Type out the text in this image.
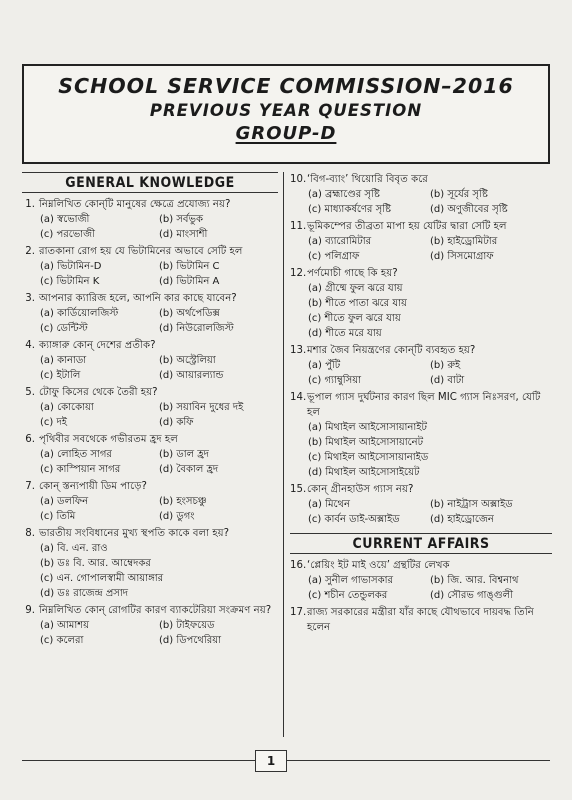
SCHOOL SERVICE COMMISSION–2016
PREVIOUS YEAR QUESTION
GROUP-D
GENERAL KNOWLEDGE
1. নিম্নলিখিত কোন্‌টি মানুষের ক্ষেত্রে প্রযোজ্য নয়?
(a) স্বভোজী	(b) সর্বভুক
(c) পরভোজী	(d) মাংসাশী
2. রাতকানা রোগ হয় যে ভিটামিনের অভাবে সেটি হল
(a) ভিটামিন-D	(b) ভিটামিন C
(c) ভিটামিন K	(d) ভিটামিন A
3. আপনার ক্যারিজ হলে, আপনি কার কাছে যাবেন?
(a) কার্ডিয়োলজিস্ট	(b) অর্থপেডিক্স
(c) ডেন্টিস্ট	(d) নিউরোলজিস্ট
4. ক্যাঙ্গারু কোন্‌ দেশের প্রতীক?
(a) কানাডা	(b) অস্ট্রেলিয়া
(c) ইটালি	(d) আয়ারল্যান্ড
5. টোফু কিসের থেকে তৈরী হয়?
(a) কোকোয়া	(b) সয়াবিন দুধের দই
(c) দই	(d) কফি
6. পৃথিবীর সবথেকে গভীরতম হ্রদ হল
(a) লোহিত সাগর	(b) ডাল হ্রদ
(c) কাস্পিয়ান সাগর	(d) বৈকাল হ্রদ
7. কোন্‌ স্তন্যপায়ী ডিম পাড়ে?
(a) ডলফিন	(b) হংসচঞ্চু
(c) তিমি	(d) ডুগং
8. ভারতীয় সংবিধানের মুখ্য স্থপতি কাকে বলা হয়?
(a) বি. এন. রাও
(b) ডঃ বি. আর. আম্বেদকর
(c) এন. গোপালস্বামী আয়াঙ্গার
(d) ডঃ রাজেন্দ্র প্রসাদ
9. নিম্নলিখিত কোন্‌ রোগটির কারণ ব্যাকটেরিয়া সংক্রমণ নয়?
(a) আমাশয়	(b) টাইফয়েড
(c) কলেরা	(d) ডিপথেরিয়া
10. ‘বিগ-ব্যাং’ থিয়োরি বিবৃত করে
(a) ব্রহ্মাণ্ডের সৃষ্টি	(b) সূর্যের সৃষ্টি
(c) মাধ্যাকর্ষণের সৃষ্টি	(d) অণুজীবের সৃষ্টি
11. ভূমিকম্পের তীব্রতা মাপা হয় যেটির দ্বারা সেটি হল
(a) ব্যারোমিটার	(b) হাইড্রোমিটার
(c) পলিগ্রাফ	(d) সিসমোগ্রাফ
12. পর্ণমোচী গাছে কি হয়?
(a) গ্রীষ্মে ফুল ঝরে যায়
(b) শীতে পাতা ঝরে যায়
(c) শীতে ফুল ঝরে যায়
(d) শীতে মরে যায়
13. মশার জৈব নিয়ন্ত্রণের কোন্‌টি ব্যবহৃত হয়?
(a) পুঁটি	(b) রুই
(c) গ্যাম্বুসিয়া	(d) বাটা
14. ভূপাল গ্যাস দুর্ঘটনার কারণ ছিল MIC গ্যাস নিঃসরণ, যেটি হল
(a) মিথাইল আইসোসায়ানাইট
(b) মিথাইল আইসোসায়ানেট
(c) মিথাইল আইসোসায়ানাইড
(d) মিথাইল আইসোসাইয়েট
15. কোন্‌ গ্রীনহাউস গ্যাস নয়?
(a) মিথেন	(b) নাইট্রাস অক্সাইড
(c) কার্বন ডাই-অক্সাইড	(d) হাইড্রোজেন
CURRENT AFFAIRS
16. ‘প্লেয়িং ইট মাই ওয়ে’ গ্রন্থটির লেখক
(a) সুনীল গাভাসকার	(b) জি. আর. বিশ্বনাথ
(c) শচীন তেন্ডুলকর	(d) সৌরভ গাঙ্গুলী
17. রাজ্য সরকারের মন্ত্রীরা যাঁর কাছে যৌথভাবে দায়বদ্ধ তিনি হলেন
1
